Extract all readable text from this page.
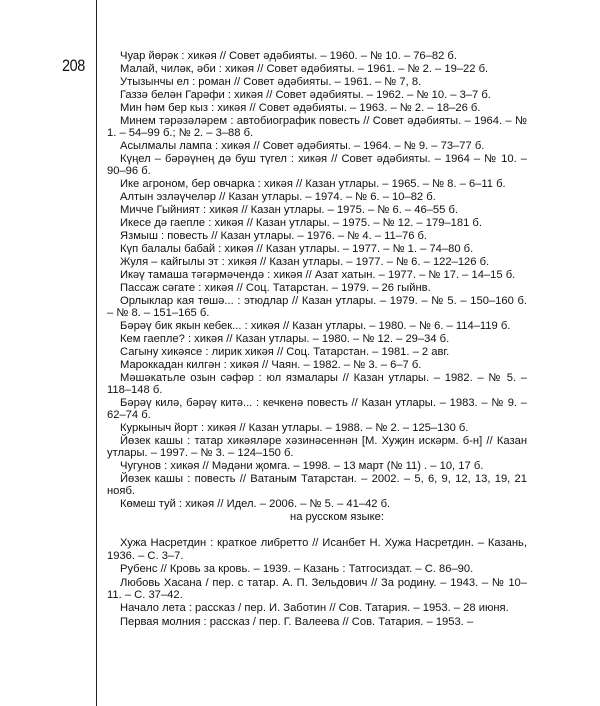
208	Чуар йөрәк : хикәя // Совет әдәбияты. – 1960. – № 10. – 76–82 б.

Малай, чиләк, әби : хикәя // Совет әдәбияты. – 1961. – № 2. – 19–22 б.

Утызынчы ел : роман // Совет әдәбияты. – 1961. – № 7, 8.

Газзә белән Гарәфи : хикәя // Совет әдәбияты. – 1962. – № 10. – 3–7 б.

Мин һәм бер кыз : хикәя // Совет әдәбияты. – 1963. – № 2. – 18–26 б.

Минем тәрәзәләрем : автобиографик повесть // Совет әдәбияты. – 1964. – № 1. – 54–99 б.; № 2. – 3–88 б.

Асылмалы лампа : хикәя // Совет әдәбияты. – 1964. – № 9. – 73–77 б.

Күңел – бәрәүнең дә буш түгел : хикәя // Совет әдәбияты. – 1964 – № 10. – 90–96 б.

Ике агроном, бер овчарка : хикәя // Казан утлары. – 1965. – № 8. – 6–11 б.

Алтын эзләүчеләр // Казан утлары. – 1974. – № 6. – 10–82 б.

Мичче Гыйният : хикәя // Казан утлары. – 1975. – № 6. – 46–55 б.

Икесе дә гаепле : хикәя // Казан утлары. – 1975. – № 12. – 179–181 б.

Язмыш : повесть // Казан утлары. – 1976. – № 4. – 11–76 б.

Күп балалы бабай : хикәя // Казан утлары. – 1977. – № 1. – 74–80 б.

Жуля – кайгылы эт : хикәя // Казан утлары. – 1977. – № 6. – 122–126 б.

Икәү тамаша тәгәрмәчендә : хикәя // Азат хатын. – 1977. – № 17. – 14–15 б.

Пассаж сәгате : хикәя // Соц. Татарстан. – 1979. – 26 гыйнв.

Орлыклар кая төшә... : этюдлар // Казан утлары. – 1979. – № 5. – 150–160 б. – № 8. – 151–165 б.

Бәрәү бик якын кебек... : хикәя // Казан утлары. – 1980. – № 6. – 114–119 б.

Кем гаепле? : хикәя // Казан утлары. – 1980. – № 12. – 29–34 б.

Сагыну хикәясе : лирик хикәя // Соц. Татарстан. – 1981. – 2 авг.

Мароккадан килгән : хикәя // Чаян. – 1982. – № 3. – 6–7 б.

Мәшәкатьле озын сәфәр : юл язмалары // Казан утлары. – 1982. – № 5. – 118–148 б.

Бәрәү килә, бәрәү китә... : кечкенә повесть // Казан утлары. – 1983. – № 9. – 62–74 б.

Куркыныч йорт : хикәя // Казан утлары. – 1988. – № 2. – 125–130 б.

Йөзек кашы : татар хикәяләре хәзинәсеннән [М. Хуҗин искәрм. б-н] // Казан утлары. – 1997. – № 3. – 124–150 б.

Чугунов : хикәя // Мәдәни җомга. – 1998. – 13 март (№ 11) . – 10, 17 б.

Йөзек кашы : повесть // Ватаным Татарстан. – 2002. – 5, 6, 9, 12, 13, 19, 21 нояб.

Көмеш туй : хикәя // Идел. – 2006. – № 5. – 41–42 б.

на русском языке:

Хужа Насретдин : краткое либретто // Исанбет Н. Хужа Насретдин. – Казань, 1936. – С. 3–7.

Рубенс // Кровь за кровь. – 1939. – Казань : Татгосиздат. – С. 86–90.

Любовь Хасана / пер. с татар. А. П. Зельдович // За родину. – 1943. – № 10–11. – С. 37–42.

Начало лета : рассказ / пер. И. Заботин // Сов. Татария. – 1953. – 28 июня.

Первая молния : рассказ / пер. Г. Валеева // Сов. Татария. – 1953. –
